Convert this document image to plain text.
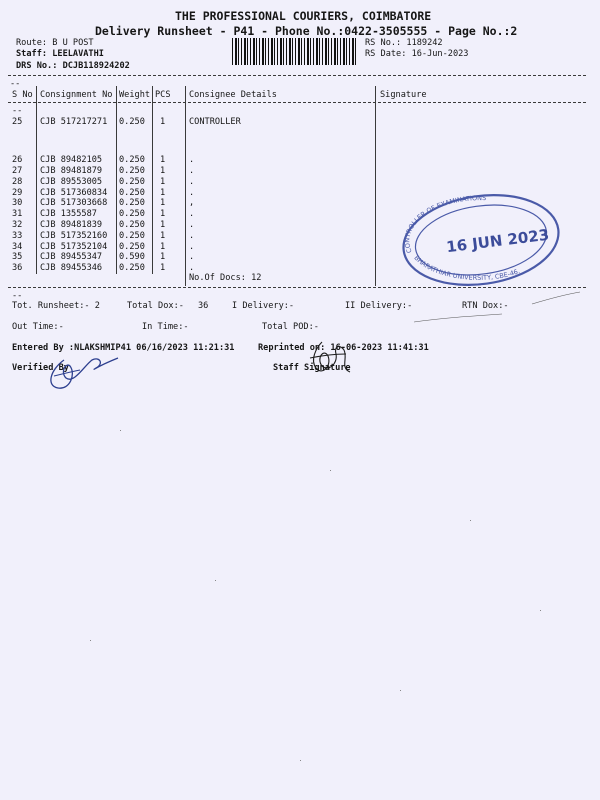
THE PROFESSIONAL COURIERS, COIMBATORE
Delivery Runsheet - P41 - Phone No.:0422-3505555 - Page No.:2
Route: B U POST
Staff: LEELAVATHI
DRS No.: DCJB118924202
RS No.: 1189242
RS Date: 16-Jun-2023
--
S No Consignment No Weight PCS Consignee Details	Signature
--
25 CJB 517217271 0.250 1	CONTROLLER
26 CJB 89482105 0.250 1	.
27 CJB 89481879 0.250 1	.
28 CJB 89553005 0.250 1	.
29 CJB 517360834 0.250 1	.
30 CJB 517303668 0.250 1	,
31 CJB 1355587	0.250 1	.
32 CJB 89481839 0.250 1	.
33 CJB 517352160 0.250 1	.
34 CJB 517352104 0.250 1	.
35 CJB 89455347 0.590 1	.
36 CJB 89455346 0.250 1	.
No.Of Docs: 12
CONTROLLER OF EXAMINATIONS
BHARATHIAR UNIVERSITY, CBE-46.
16 JUN 2023
--
Tot. Runsheet:- 2	Total Dox:- 36	I Delivery:-	II Delivery:-	RTN Dox:-
Out Time:-	In Time:-	Total POD:-
Entered By :NLAKSHMIP41 06/16/2023 11:21:31	Reprinted on: 16-06-2023 11:41:31
Verified By	Staff Signature
